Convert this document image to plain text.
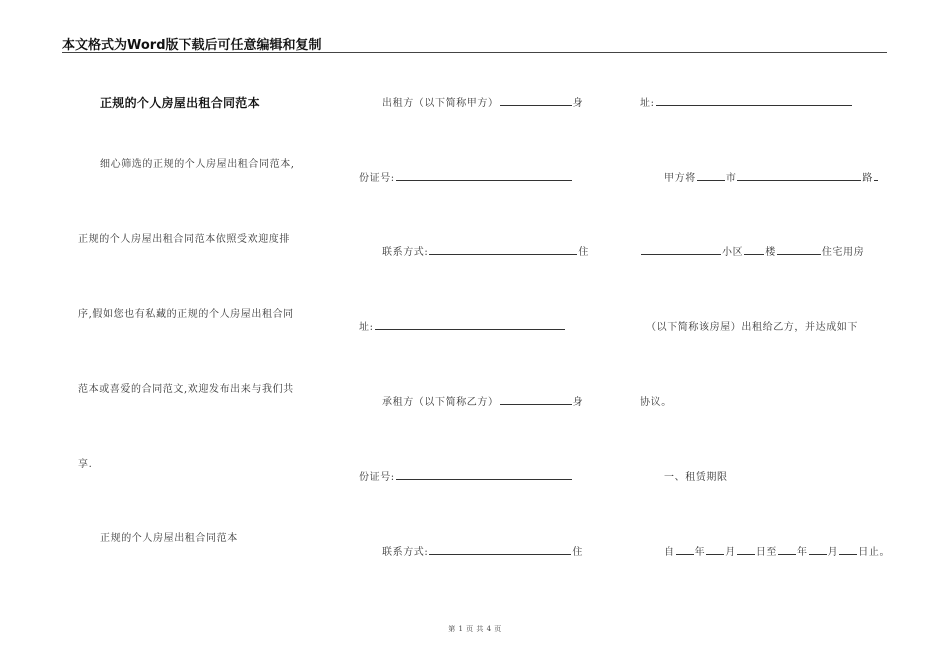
本文格式为Word版下载后可任意编辑和复制
正规的个人房屋出租合同范本
细心筛选的正规的个人房屋出租合同范本,
正规的个人房屋出租合同范本依照受欢迎度排
序,假如您也有私藏的正规的个人房屋出租合同
范本或喜爱的合同范文,欢迎发布出来与我们共
享.
正规的个人房屋出租合同范本
出租方（以下简称甲方）	身
份证号:
联系方式:	住
址:
承租方（以下简称乙方）	身
份证号:
联系方式:	住
址:
甲方将	市	路
小区 楼	住宅用房
（以下简称该房屋）出租给乙方，并达成如下
协议。
一、租赁期限
自 年 月 日至 年 月 日止。
第 1 页 共 4 页
